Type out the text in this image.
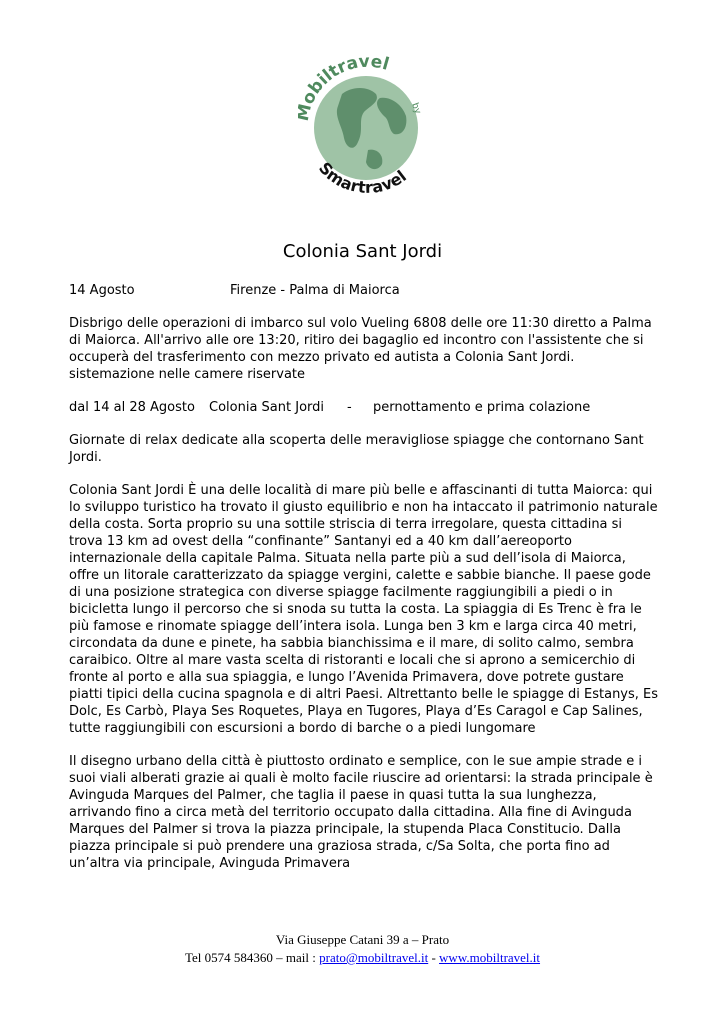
obiltravel
by
Smartravel
Colonia Sant Jordi

14 Agosto	Firenze - Palma di Maiorca

Disbrigo delle operazioni di imbarco sul volo Vueling 6808 delle ore 11:30 diretto a Palma di Maiorca. All'arrivo alle ore 13:20, ritiro dei bagaglio ed incontro con l'assistente che si occuperà del trasferimento con mezzo privato ed autista a Colonia Sant Jordi. sistemazione nelle camere riservate

dal 14 al 28 Agosto	Colonia Sant Jordi	-	pernottamento e prima colazione

Giornate di relax dedicate alla scoperta delle meravigliose spiagge che contornano Sant Jordi.

Colonia Sant Jordi È una delle località di mare più belle e affascinanti di tutta Maiorca: qui lo sviluppo turistico ha trovato il giusto equilibrio e non ha intaccato il patrimonio naturale della costa. Sorta proprio su una sottile striscia di terra irregolare, questa cittadina si trova 13 km ad ovest della “confinante” Santanyi ed a 40 km dall’aereoporto internazionale della capitale Palma. Situata nella parte più a sud dell’isola di Maiorca, offre un litorale caratterizzato da spiagge vergini, calette e sabbie bianche. Il paese gode di una posizione strategica con diverse spiagge facilmente raggiungibili a piedi o in bicicletta lungo il percorso che si snoda su tutta la costa. La spiaggia di Es Trenc è fra le più famose e rinomate spiagge dell’intera isola. Lunga ben 3 km e larga circa 40 metri, circondata da dune e pinete, ha sabbia bianchissima e il mare, di solito calmo, sembra caraibico. Oltre al mare vasta scelta di ristoranti e locali che si aprono a semicerchio di fronte al porto e alla sua spiaggia, e lungo l’Avenida Primavera, dove potrete gustare piatti tipici della cucina spagnola e di altri Paesi. Altrettanto belle le spiagge di Estanys, Es Dolc, Es Carbò, Playa Ses Roquetes, Playa en Tugores, Playa d’Es Caragol e Cap Salines, tutte raggiungibili con escursioni a bordo di barche o a piedi lungomare

Il disegno urbano della città è piuttosto ordinato e semplice, con le sue ampie strade e i suoi viali alberati grazie ai quali è molto facile riuscire ad orientarsi: la strada principale è Avinguda Marques del Palmer, che taglia il paese in quasi tutta la sua lunghezza, arrivando fino a circa metà del territorio occupato dalla cittadina. Alla fine di Avinguda Marques del Palmer si trova la piazza principale, la stupenda Placa Constitucio. Dalla piazza principale si può prendere una graziosa strada, c/Sa Solta, che porta fino ad un’altra via principale, Avinguda Primavera

Via Giuseppe Catani 39 a – Prato
Tel 0574 584360 – mail : prato@mobiltravel.it - www.mobiltravel.it
